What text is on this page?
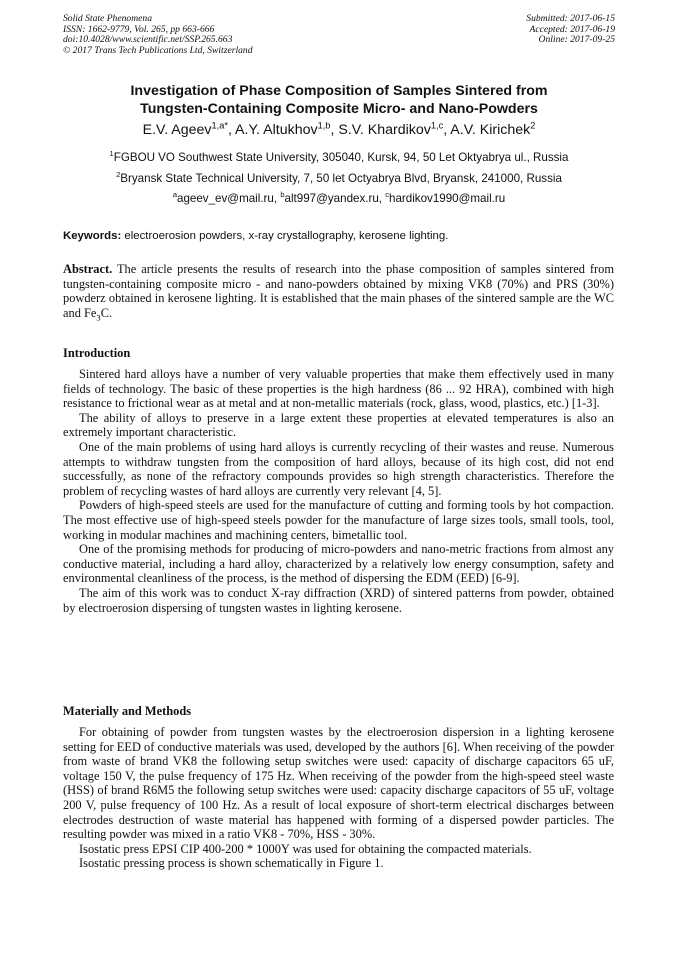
Solid State Phenomena
ISSN: 1662-9779, Vol. 265, pp 663-666
doi:10.4028/www.scientific.net/SSP.265.663
© 2017 Trans Tech Publications Ltd, Switzerland
Submitted: 2017-06-15
Accepted: 2017-06-19
Online: 2017-09-25
Investigation of Phase Composition of Samples Sintered from
Tungsten-Containing Composite Micro- and Nano-Powders
E.V. Ageev$^{1,a*}$, A.Y. Altukhov$^{1,b}$, S.V. Khardikov$^{1,c}$, A.V. Kirichek$^2$
$^1$FGBOU VO Southwest State University, 305040, Kursk, 94, 50 Let Oktyabrya ul., Russia
$^2$Bryansk State Technical University, 7, 50 let Octyabrya Blvd, Bryansk, 241000, Russia
$^a$ageev_ev@mail.ru, $^b$alt997@yandex.ru, $^c$hardikov1990@mail.ru
Keywords: electroerosion powders, x-ray crystallography, kerosene lighting.
Abstract. The article presents the results of research into the phase composition of samples sintered from tungsten-containing composite micro - and nano-powders obtained by mixing VK8 (70%) and PRS (30%) powderz obtained in kerosene lighting. It is established that the main phases of the sintered sample are the WC and $Fe_3C$.
Introduction

Sintered hard alloys have a number of very valuable properties that make them effectively used in many fields of technology. The basic of these properties is the high hardness (86 ... 92 HRA), combined with high resistance to frictional wear as at metal and at non-metallic materials (rock, glass, wood, plastics, etc.) [1-3].

The ability of alloys to preserve in a large extent these properties at elevated temperatures is also an extremely important characteristic.

One of the main problems of using hard alloys is currently recycling of their wastes and reuse. Numerous attempts to withdraw tungsten from the composition of hard alloys, because of its high cost, did not end successfully, as none of the refractory compounds provides so high strength characteristics. Therefore the problem of recycling wastes of hard alloys are currently very relevant [4, 5].

Powders of high-speed steels are used for the manufacture of cutting and forming tools by hot compaction. The most effective use of high-speed steels powder for the manufacture of large sizes tools, small tools, tool, working in modular machines and machining centers, bimetallic tool.

One of the promising methods for producing of micro-powders and nano-metric fractions from almost any conductive material, including a hard alloy, characterized by a relatively low energy consumption, safety and environmental cleanliness of the process, is the method of dispersing the EDM (EED) [6-9].

The aim of this work was to conduct X-ray diffraction (XRD) of sintered patterns from powder, obtained by electroerosion dispersing of tungsten wastes in lighting kerosene.

Materially and Methods

For obtaining of powder from tungsten wastes by the electroerosion dispersion in a lighting kerosene setting for EED of conductive materials was used, developed by the authors [6]. When receiving of the powder from waste of brand VK8 the following setup switches were used: capacity of discharge capacitors 65 uF, voltage 150 V, the pulse frequency of 175 Hz. When receiving of the powder from the high-speed steel waste (HSS) of brand R6M5 the following setup switches were used: capacity discharge capacitors of 55 uF, voltage 200 V, pulse frequency of 100 Hz. As a result of local exposure of short-term electrical discharges between electrodes destruction of waste material has happened with forming of a dispersed powder particles. The resulting powder was mixed in a ratio VK8 - 70%, HSS - 30%.

Isostatic press EPSI CIP 400-200 * 1000Y was used for obtaining the compacted materials.

Isostatic pressing process is shown schematically in Figure 1.
